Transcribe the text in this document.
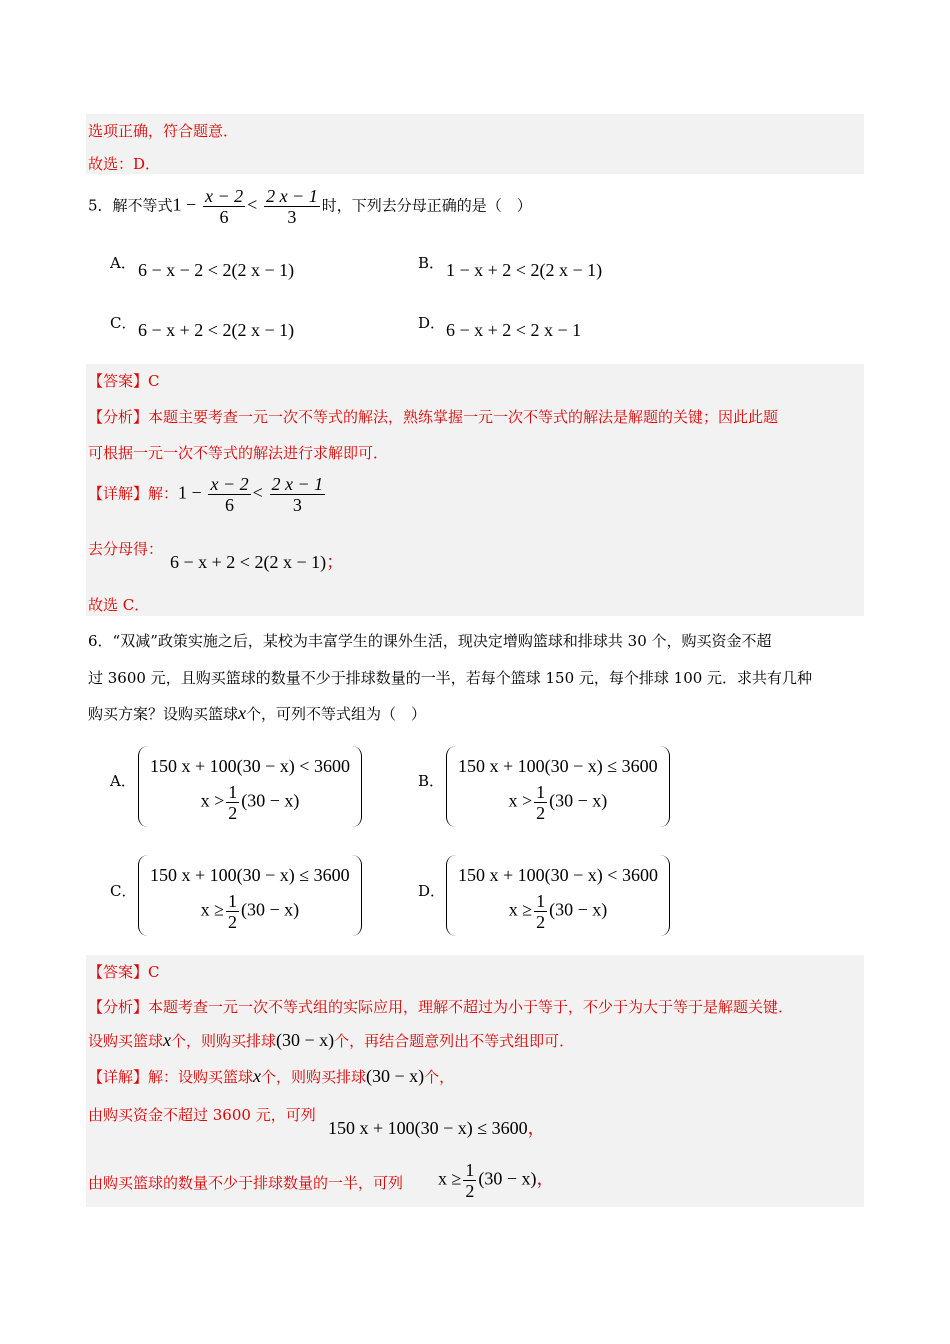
选项正确，符合题意．
故选：D．
5．解不等式$1 - \frac{x - 2}{6} < \frac{2 x - 1}{3}$ 时，下列去分母正确的是（　）
A． 6 − x − 2 < 2(2 x − 1)	B． 1 − x + 2 < 2(2 x − 1)
C． 6 − x + 2 < 2(2 x − 1)	D． 6 − x + 2 < 2 x − 1
【答案】C
【分析】本题主要考查一元一次不等式的解法，熟练掌握一元一次不等式的解法是解题的关键；因此此题
可根据一元一次不等式的解法进行求解即可．
【详解】解：$1 - \frac{x - 2}{6} < \frac{2 x - 1}{3}$
去分母得：
6 − x + 2 < 2(2 x − 1)；
故选 C．
6．“双减”政策实施之后，某校为丰富学生的课外生活，现决定增购篮球和排球共 30 个，购买资金不超
过 3600 元，且购买篮球的数量不少于排球数量的一半，若每个篮球 150 元，每个排球 100 元．求共有几种
购买方案？设购买篮球x个，可列不等式组为（　）
A．
150 x + 100(30 − x) < 3600
$x > \frac{1}{2} (30 - x)$
B．
150 x + 100(30 − x) ≤ 3600
$x > \frac{1}{2} (30 - x)$
C．
150 x + 100(30 − x) ≤ 3600
$x \ge \frac{1}{2} (30 - x)$
D．
150 x + 100(30 − x) < 3600
$x \ge \frac{1}{2} (30 - x)$
【答案】C
【分析】本题考查一元一次不等式组的实际应用，理解不超过为小于等于，不少于为大于等于是解题关键．
设购买篮球x个，则购买排球(30 − x)个，再结合题意列出不等式组即可．
【详解】解：设购买篮球x个，则购买排球(30 − x)个，
由购买资金不超过 3600 元，可列
150 x + 100(30 − x) ≤ 3600，
由购买篮球的数量不少于排球数量的一半，可列 $x \ge \frac{1}{2} (30 - x)$，
